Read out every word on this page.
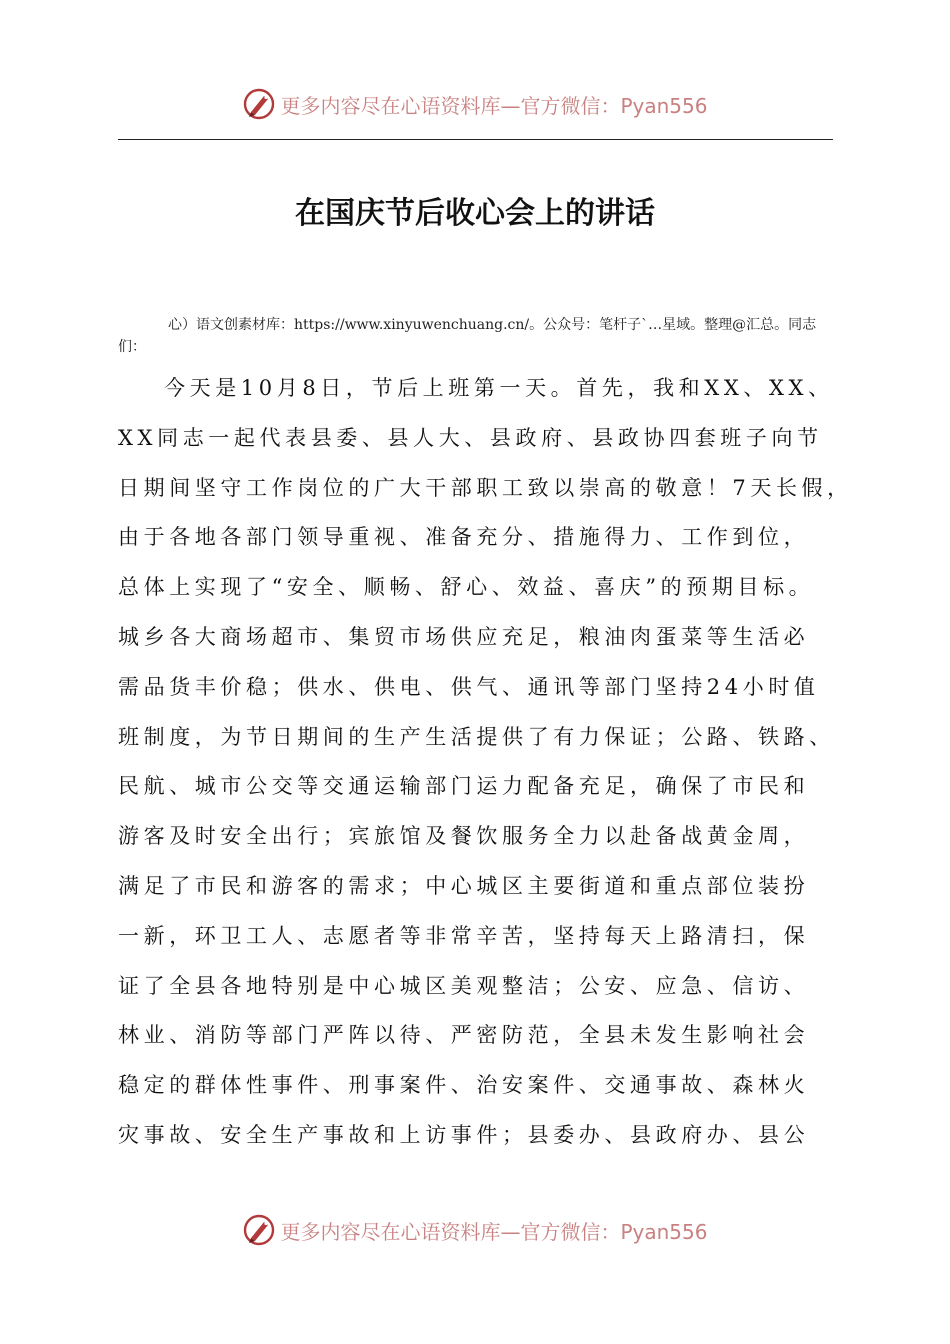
更多内容尽在心语资料库—官方微信：Pyan556
在国庆节后收心会上的讲话
心）语文创素材库：https://www.xinyuwenchuang.cn/。公众号：笔杆子`…星域。整理@汇总。同志们：
今天是10月8日，节后上班第一天。首先，我和XX、XX、
XX同志一起代表县委、县人大、县政府、县政协四套班子向节
日期间坚守工作岗位的广大干部职工致以崇高的敬意！7天长假，
由于各地各部门领导重视、准备充分、措施得力、工作到位，
总体上实现了“安全、顺畅、舒心、效益、喜庆”的预期目标。
城乡各大商场超市、集贸市场供应充足，粮油肉蛋菜等生活必
需品货丰价稳；供水、供电、供气、通讯等部门坚持24小时值
班制度，为节日期间的生产生活提供了有力保证；公路、铁路、
民航、城市公交等交通运输部门运力配备充足，确保了市民和
游客及时安全出行；宾旅馆及餐饮服务全力以赴备战黄金周，
满足了市民和游客的需求；中心城区主要街道和重点部位装扮
一新，环卫工人、志愿者等非常辛苦，坚持每天上路清扫，保
证了全县各地特别是中心城区美观整洁；公安、应急、信访、
林业、消防等部门严阵以待、严密防范，全县未发生影响社会
稳定的群体性事件、刑事案件、治安案件、交通事故、森林火
灾事故、安全生产事故和上访事件；县委办、县政府办、县公
更多内容尽在心语资料库—官方微信：Pyan556
